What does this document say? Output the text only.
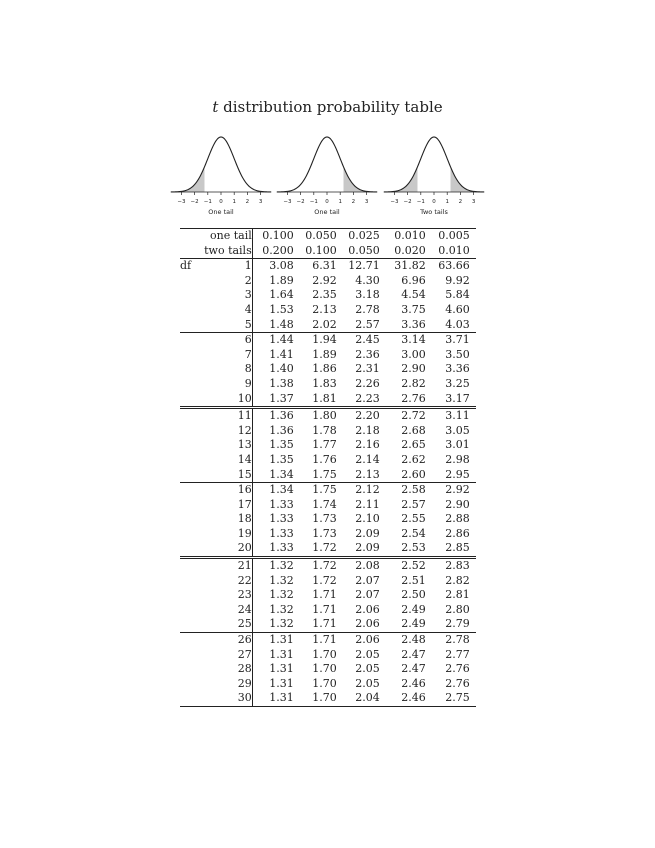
t distribution probability table
−3 −2 −1 0 1 2 3
One tail
−3 −2 −1 0 1 2 3
One tail
−3 −2 −1 0 1 2 3
Two tails
	one tail	0.100	0.050	0.025	0.010	0.005
two tails		0.200	0.100	0.050	0.020	0.010
df	1	3.08	6.31	12.71	31.82	63.66
	2	1.89	2.92	4.30	6.96	9.92
	3	1.64	2.35	3.18	4.54	5.84
	4	1.53	2.13	2.78	3.75	4.60
	5	1.48	2.02	2.57	3.36	4.03
	6	1.44	1.94	2.45	3.14	3.71
	7	1.41	1.89	2.36	3.00	3.50
	8	1.40	1.86	2.31	2.90	3.36
	9	1.38	1.83	2.26	2.82	3.25
	10	1.37	1.81	2.23	2.76	3.17
	11	1.36	1.80	2.20	2.72	3.11
	12	1.36	1.78	2.18	2.68	3.05
	13	1.35	1.77	2.16	2.65	3.01
	14	1.35	1.76	2.14	2.62	2.98
	15	1.34	1.75	2.13	2.60	2.95
	16	1.34	1.75	2.12	2.58	2.92
	17	1.33	1.74	2.11	2.57	2.90
	18	1.33	1.73	2.10	2.55	2.88
	19	1.33	1.73	2.09	2.54	2.86
	20	1.33	1.72	2.09	2.53	2.85
	21	1.32	1.72	2.08	2.52	2.83
	22	1.32	1.72	2.07	2.51	2.82
	23	1.32	1.71	2.07	2.50	2.81
	24	1.32	1.71	2.06	2.49	2.80
	25	1.32	1.71	2.06	2.49	2.79
	26	1.31	1.71	2.06	2.48	2.78
	27	1.31	1.70	2.05	2.47	2.77
	28	1.31	1.70	2.05	2.47	2.76
	29	1.31	1.70	2.05	2.46	2.76
	30	1.31	1.70	2.04	2.46	2.75
